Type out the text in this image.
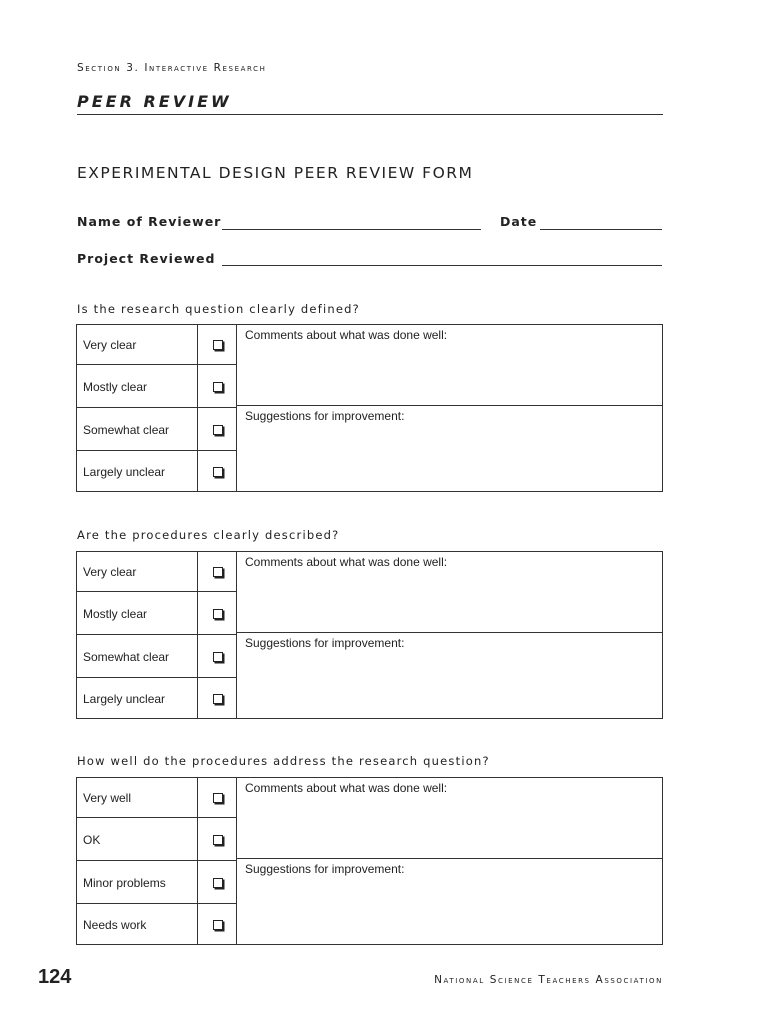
Section 3. Interactive Research
PEER REVIEW
EXPERIMENTAL DESIGN PEER REVIEW FORM
Name of Reviewer	Date
Project Reviewed
Is the research question clearly defined?
Very clear
Mostly clear
Somewhat clear
Largely unclear
Comments about what was done well:
Suggestions for improvement:
Are the procedures clearly described?
Very clear
Mostly clear
Somewhat clear
Largely unclear
Comments about what was done well:
Suggestions for improvement:
How well do the procedures address the research question?
Very well
OK
Minor problems
Needs work
Comments about what was done well:
Suggestions for improvement:
124	National Science Teachers Association
